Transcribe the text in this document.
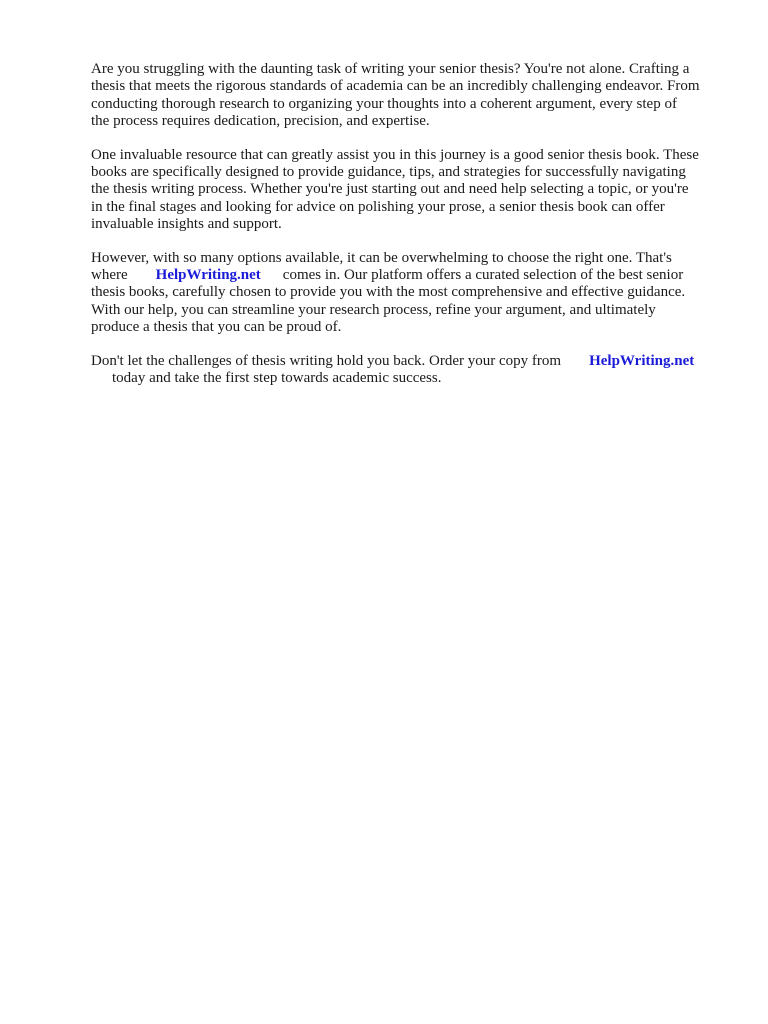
Are you struggling with the daunting task of writing your senior thesis? You're not alone. Crafting a
thesis that meets the rigorous standards of academia can be an incredibly challenging endeavor. From
conducting thorough research to organizing your thoughts into a coherent argument, every step of
the process requires dedication, precision, and expertise.

One invaluable resource that can greatly assist you in this journey is a good senior thesis book. These
books are specifically designed to provide guidance, tips, and strategies for successfully navigating
the thesis writing process. Whether you're just starting out and need help selecting a topic, or you're
in the final stages and looking for advice on polishing your prose, a senior thesis book can offer
invaluable insights and support.

However, with so many options available, it can be overwhelming to choose the right one. That's
where HelpWriting.net comes in. Our platform offers a curated selection of the best senior
thesis books, carefully chosen to provide you with the most comprehensive and effective guidance.
With our help, you can streamline your research process, refine your argument, and ultimately
produce a thesis that you can be proud of.

Don't let the challenges of thesis writing hold you back. Order your copy from HelpWriting.net
today and take the first step towards academic success.
